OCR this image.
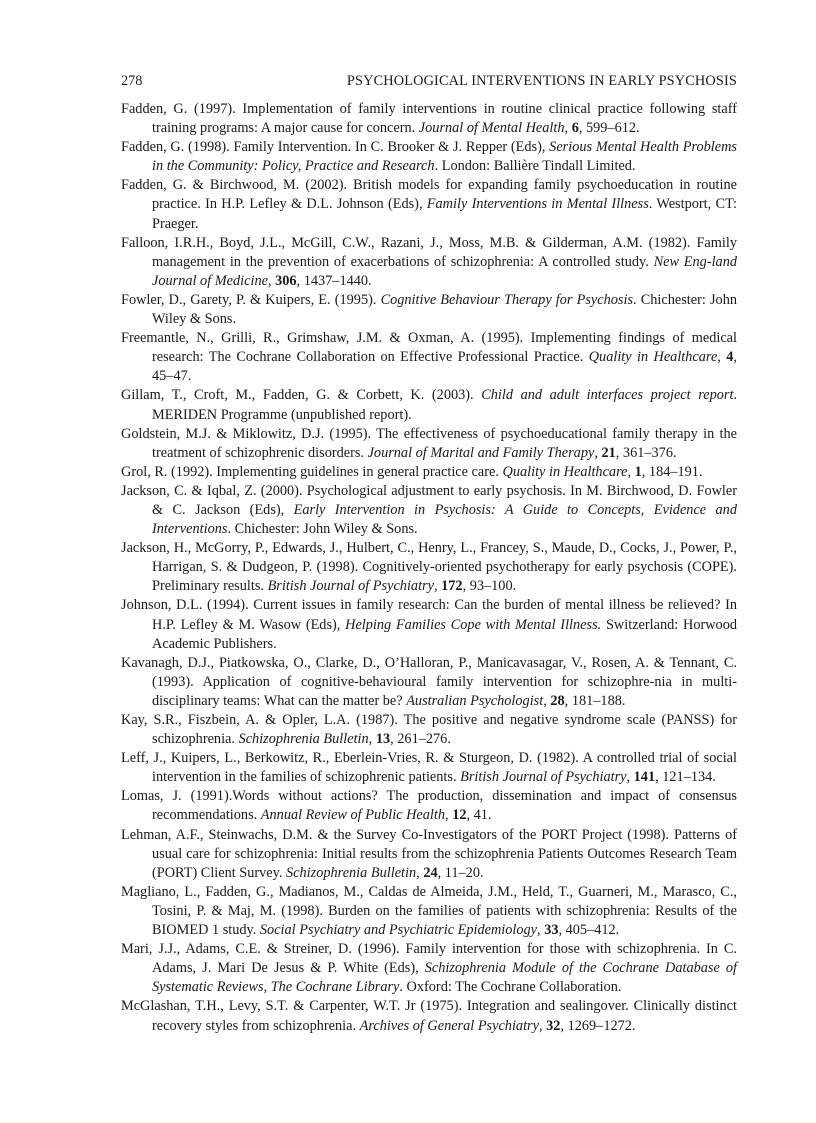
278	PSYCHOLOGICAL INTERVENTIONS IN EARLY PSYCHOSIS

Fadden, G. (1997). Implementation of family interventions in routine clinical practice following staff training programs: A major cause for concern. Journal of Mental Health, 6, 599–612.

Fadden, G. (1998). Family Intervention. In C. Brooker & J. Repper (Eds), Serious Mental Health Problems in the Community: Policy, Practice and Research. London: Ballière Tindall Limited.

Fadden, G. & Birchwood, M. (2002). British models for expanding family psychoeducation in routine practice. In H.P. Lefley & D.L. Johnson (Eds), Family Interventions in Mental Illness. Westport, CT: Praeger.

Falloon, I.R.H., Boyd, J.L., McGill, C.W., Razani, J., Moss, M.B. & Gilderman, A.M. (1982). Family management in the prevention of exacerbations of schizophrenia: A controlled study. New Eng-land Journal of Medicine, 306, 1437–1440.

Fowler, D., Garety, P. & Kuipers, E. (1995). Cognitive Behaviour Therapy for Psychosis. Chichester: John Wiley & Sons.

Freemantle, N., Grilli, R., Grimshaw, J.M. & Oxman, A. (1995). Implementing findings of medical research: The Cochrane Collaboration on Effective Professional Practice. Quality in Healthcare, 4, 45–47.

Gillam, T., Croft, M., Fadden, G. & Corbett, K. (2003). Child and adult interfaces project report. MERIDEN Programme (unpublished report).

Goldstein, M.J. & Miklowitz, D.J. (1995). The effectiveness of psychoeducational family therapy in the treatment of schizophrenic disorders. Journal of Marital and Family Therapy, 21, 361–376.

Grol, R. (1992). Implementing guidelines in general practice care. Quality in Healthcare, 1, 184–191.

Jackson, C. & Iqbal, Z. (2000). Psychological adjustment to early psychosis. In M. Birchwood, D. Fowler & C. Jackson (Eds), Early Intervention in Psychosis: A Guide to Concepts, Evidence and Interventions. Chichester: John Wiley & Sons.

Jackson, H., McGorry, P., Edwards, J., Hulbert, C., Henry, L., Francey, S., Maude, D., Cocks, J., Power, P., Harrigan, S. & Dudgeon, P. (1998). Cognitively-oriented psychotherapy for early psychosis (COPE). Preliminary results. British Journal of Psychiatry, 172, 93–100.

Johnson, D.L. (1994). Current issues in family research: Can the burden of mental illness be relieved? In H.P. Lefley & M. Wasow (Eds), Helping Families Cope with Mental Illness. Switzerland: Horwood Academic Publishers.

Kavanagh, D.J., Piatkowska, O., Clarke, D., O’Halloran, P., Manicavasagar, V., Rosen, A. & Tennant, C. (1993). Application of cognitive-behavioural family intervention for schizophre-nia in multi-disciplinary teams: What can the matter be? Australian Psychologist, 28, 181–188.

Kay, S.R., Fiszbein, A. & Opler, L.A. (1987). The positive and negative syndrome scale (PANSS) for schizophrenia. Schizophrenia Bulletin, 13, 261–276.

Leff, J., Kuipers, L., Berkowitz, R., Eberlein-Vries, R. & Sturgeon, D. (1982). A controlled trial of social intervention in the families of schizophrenic patients. British Journal of Psychiatry, 141, 121–134.

Lomas, J. (1991).Words without actions? The production, dissemination and impact of consensus recommendations. Annual Review of Public Health, 12, 41.

Lehman, A.F., Steinwachs, D.M. & the Survey Co-Investigators of the PORT Project (1998). Patterns of usual care for schizophrenia: Initial results from the schizophrenia Patients Outcomes Research Team (PORT) Client Survey. Schizophrenia Bulletin, 24, 11–20.

Magliano, L., Fadden, G., Madianos, M., Caldas de Almeida, J.M., Held, T., Guarneri, M., Marasco, C., Tosini, P. & Maj, M. (1998). Burden on the families of patients with schizophrenia: Results of the BIOMED 1 study. Social Psychiatry and Psychiatric Epidemiology, 33, 405–412.

Mari, J.J., Adams, C.E. & Streiner, D. (1996). Family intervention for those with schizophrenia. In C. Adams, J. Mari De Jesus & P. White (Eds), Schizophrenia Module of the Cochrane Database of Systematic Reviews, The Cochrane Library. Oxford: The Cochrane Collaboration.

McGlashan, T.H., Levy, S.T. & Carpenter, W.T. Jr (1975). Integration and sealingover. Clinically distinct recovery styles from schizophrenia. Archives of General Psychiatry, 32, 1269–1272.
